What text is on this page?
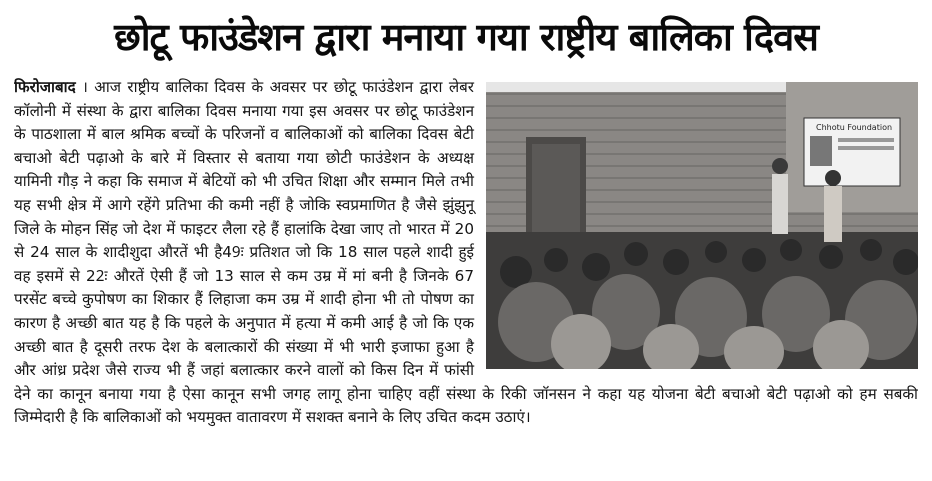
छोटू फाउंडेशन द्वारा मनाया गया राष्ट्रीय बालिका दिवस
Chhotu Foundation
फिरोजाबाद । आज राष्ट्रीय बालिका दिवस के अवसर पर छोटू फाउंडेशन द्वारा लेबर कॉलोनी में संस्था के द्वारा बालिका दिवस मनाया गया इस अवसर पर छोटू फाउंडेशन के पाठशाला में बाल श्रमिक बच्चों के परिजनों व बालिकाओं को बालिका दिवस बेटी बचाओ बेटी पढ़ाओ के बारे में विस्तार से बताया गया छोटी फाउंडेशन के अध्यक्ष यामिनी गौड़ ने कहा कि समाज में बेटियों को भी उचित शिक्षा और सम्मान मिले तभी यह सभी क्षेत्र में आगे रहेंगे प्रतिभा की कमी नहीं है जोकि स्वप्रमाणित है जैसे झुंझुनू जिले के मोहन सिंह जो देश में फाइटर लैला रहे हैं हालांकि देखा जाए तो भारत में 20 से 24 साल के शादीशुदा औरतें भी है49ः प्रतिशत जो कि 18 साल पहले शादी हुई वह इसमें से 22ः औरतें ऐसी हैं जो 13 साल से कम उम्र में मां बनी है जिनके 67 परसेंट बच्चे कुपोषण का शिकार हैं लिहाजा कम उम्र में शादी होना भी तो पोषण का कारण है अच्छी बात यह है कि पहले के अनुपात में हत्या में कमी आई है जो कि एक अच्छी बात है दूसरी तरफ देश के बलात्कारों की संख्या में भी भारी इजाफा हुआ है और आंध्र प्रदेश जैसे राज्य भी हैं जहां बलात्कार करने वालों को किस दिन में फांसी देने का कानून बनाया गया है ऐसा कानून सभी जगह लागू होना चाहिए वहीं संस्था के रिकी जॉनसन ने कहा यह योजना बेटी बचाओ बेटी पढ़ाओ को हम सबकी जिम्मेदारी है कि बालिकाओं को भयमुक्त वातावरण में सशक्त बनाने के लिए उचित कदम उठाएं।
